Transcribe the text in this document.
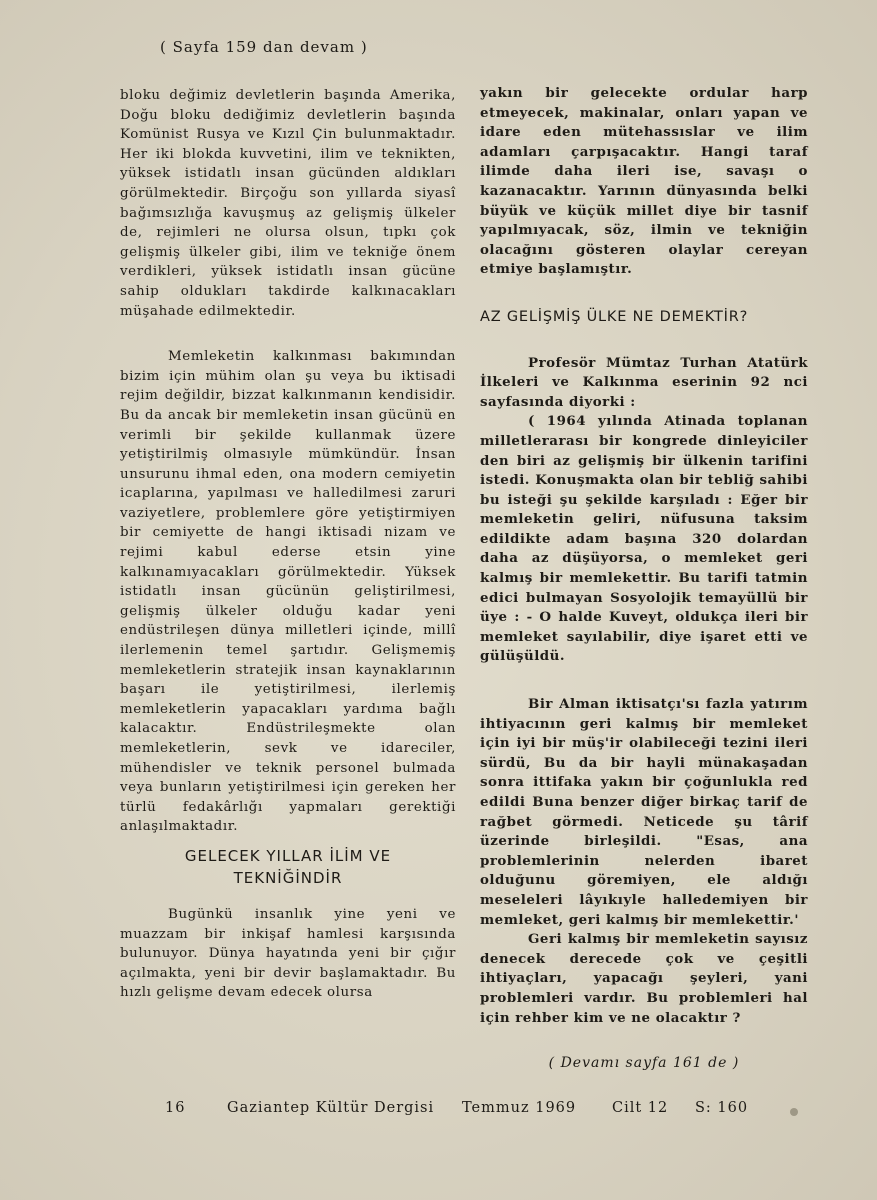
( Sayfa 159 dan devam )

bloku değimiz devletlerin başında Amerika, Doğu bloku dediğimiz devletlerin başında Komünist Rusya ve Kızıl Çin bulunmaktadır. Her iki blokda kuvvetini, ilim ve teknikten, yüksek istidatlı insan gücünden aldıkları görülmektedir. Birçoğu son yıllarda siyasî bağımsızlığa kavuşmuş az gelişmiş ülkeler de, rejimleri ne olursa olsun, tıpkı çok gelişmiş ülkeler gibi, ilim ve tekniğe önem verdikleri, yüksek istidatlı insan gücüne sahip oldukları takdirde kalkınacakları müşahade edilmektedir.

Memleketin kalkınması bakımından bizim için mühim olan şu veya bu iktisadi rejim değildir, bizzat kalkınmanın kendisidir. Bu da ancak bir memleketin insan gücünü en verimli bir şekilde kullanmak üzere yetiştirilmiş olmasıyle mümkündür. İnsan unsurunu ihmal eden, ona modern cemiyetin icaplarına, yapılması ve halledilmesi zaruri vaziyetlere, problemlere göre yetiştirmiyen bir cemiyette de hangi iktisadi nizam ve rejimi kabul ederse etsin yine kalkınamıyacakları görülmektedir. Yüksek istidatlı insan gücünün geliştirilmesi, gelişmiş ülkeler olduğu kadar yeni endüstrileşen dünya milletleri içinde, millî ilerlemenin temel şartıdır. Gelişmemiş memleketlerin stratejik insan kaynaklarının başarı ile yetiştirilmesi, ilerlemiş memleketlerin yapacakları yardıma bağlı kalacaktır. Endüstrileşmekte olan memleketlerin, sevk ve idareciler, mühendisler ve teknik personel bulmada veya bunların yetiştirilmesi için gereken her türlü fedakârlığı yapmaları gerektiği anlaşılmaktadır.

GELECEK YILLAR İLİM VE
TEKNİĞİNDİR

Bugünkü insanlık yine yeni ve muazzam bir inkişaf hamlesi karşısında bulunuyor. Dünya hayatında yeni bir çığır açılmakta, yeni bir devir başlamaktadır. Bu hızlı gelişme devam edecek olursa

yakın bir gelecekte ordular harp etmeyecek, makinalar, onları yapan ve idare eden mütehassıslar ve ilim adamları çarpışacaktır. Hangi taraf ilimde daha ileri ise, savaşı o kazanacaktır. Yarının dünyasında belki büyük ve küçük millet diye bir tasnif yapılmıyacak, söz, ilmin ve tekniğin olacağını gösteren olaylar cereyan etmiye başlamıştır.

AZ GELİŞMİŞ ÜLKE NE DEMEKTİR?

Profesör Mümtaz Turhan Atatürk İlkeleri ve Kalkınma eserinin 92 nci sayfasında diyorki :

( 1964 yılında Atinada toplanan milletlerarası bir kongrede dinleyiciler den biri az gelişmiş bir ülkenin tarifini istedi. Konuşmakta olan bir tebliğ sahibi bu isteği şu şekilde karşıladı : Eğer bir memleketin geliri, nüfusuna taksim edildikte adam başına 320 dolardan daha az düşüyorsa, o memleket geri kalmış bir memlekettir. Bu tarifi tatmin edici bulmayan Sosyolojik temayüllü bir üye : - O halde Kuveyt, oldukça ileri bir memleket sayılabilir, diye işaret etti ve gülüşüldü.

Bir Alman iktisatçı'sı fazla yatırım ihtiyacının geri kalmış bir memleket için iyi bir müş'ir olabileceği tezini ileri sürdü, Bu da bir hayli münakaşadan sonra ittifaka yakın bir çoğunlukla red edildi Buna benzer diğer birkaç tarif de rağbet görmedi. Neticede şu târif üzerinde birleşildi. "Esas, ana problemlerinin nelerden ibaret olduğunu göremiyen, ele aldığı meseleleri lâyıkıyle halledemiyen bir memleket, geri kalmış bir memlekettir.'

Geri kalmış bir memleketin sayısız denecek derecede çok ve çeşitli ihtiyaçları, yapacağı şeyleri, yani problemleri vardır. Bu problemleri hal için rehber kim ve ne olacaktır ?

( Devamı sayfa 161 de )
16	Gaziantep Kültür Dergisi Temmuz 1969 Cilt 12 S: 160
